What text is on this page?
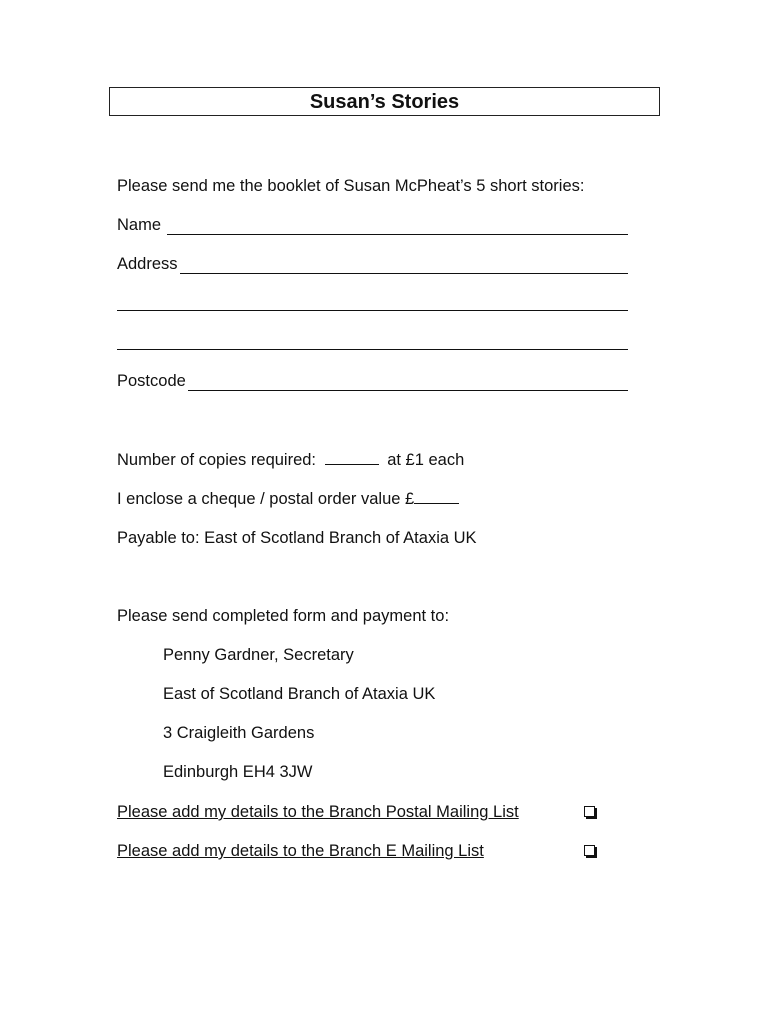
Susan’s Stories
Please send me the booklet of Susan McPheat’s 5 short stories:
Name
Address
Postcode
Number of copies required:	at £1 each
I enclose a cheque / postal order value £
Payable to: East of Scotland Branch of Ataxia UK
Please send completed form and payment to:
Penny Gardner, Secretary
East of Scotland Branch of Ataxia UK
3 Craigleith Gardens
Edinburgh EH4 3JW
Please add my details to the Branch Postal Mailing List
Please add my details to the Branch E Mailing List
